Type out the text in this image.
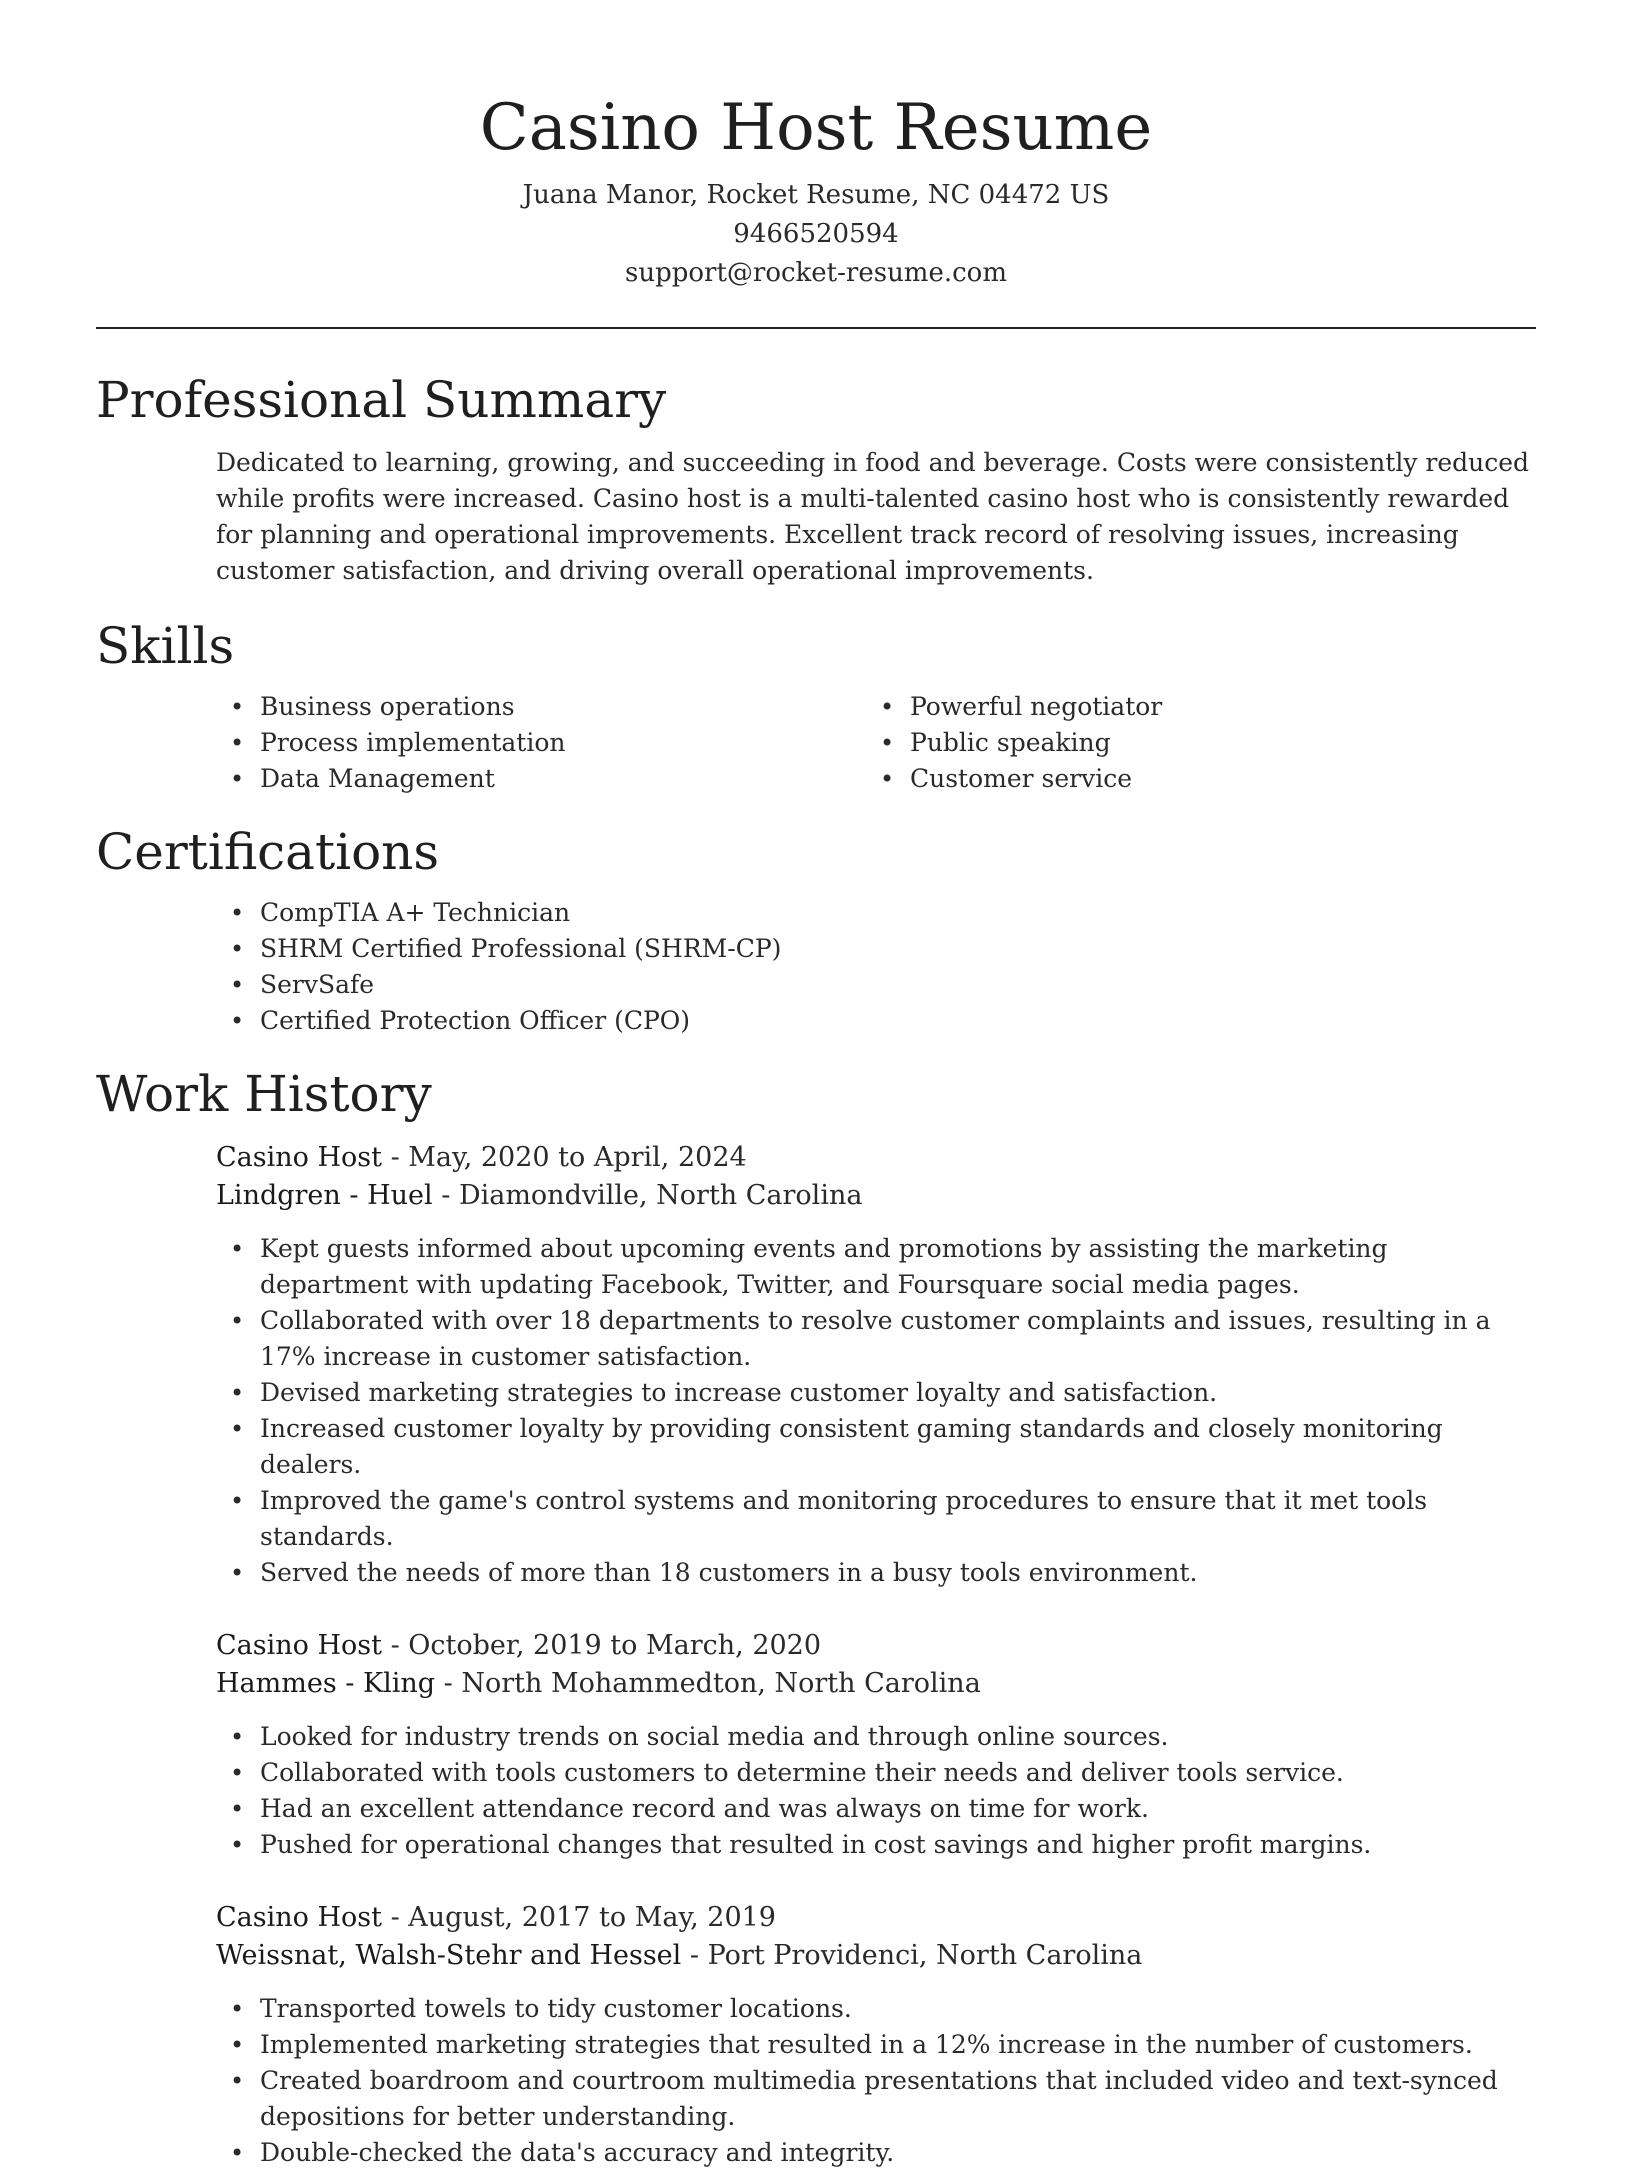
Casino Host Resume
Juana Manor, Rocket Resume, NC 04472 US
9466520594
support@rocket-resume.com
Professional Summary

Dedicated to learning, growing, and succeeding in food and beverage. Costs were consistently reduced while profits were increased. Casino host is a multi-talented casino host who is consistently rewarded for planning and operational improvements. Excellent track record of resolving issues, increasing customer satisfaction, and driving overall operational improvements.

Skills
• Business operations
• Process implementation
• Data Management
• Powerful negotiator
• Public speaking
• Customer service
Certifications
• CompTIA A+ Technician
• SHRM Certified Professional (SHRM-CP)
• ServSafe
• Certified Protection Officer (CPO)
Work History
Casino Host - May, 2020 to April, 2024
Lindgren - Huel - Diamondville, North Carolina
• Kept guests informed about upcoming events and promotions by assisting the marketing department with updating Facebook, Twitter, and Foursquare social media pages.
• Collaborated with over 18 departments to resolve customer complaints and issues, resulting in a 17% increase in customer satisfaction.
• Devised marketing strategies to increase customer loyalty and satisfaction.
• Increased customer loyalty by providing consistent gaming standards and closely monitoring dealers.
• Improved the game's control systems and monitoring procedures to ensure that it met tools standards.
• Served the needs of more than 18 customers in a busy tools environment.
Casino Host - October, 2019 to March, 2020
Hammes - Kling - North Mohammedton, North Carolina
• Looked for industry trends on social media and through online sources.
• Collaborated with tools customers to determine their needs and deliver tools service.
• Had an excellent attendance record and was always on time for work.
• Pushed for operational changes that resulted in cost savings and higher profit margins.
Casino Host - August, 2017 to May, 2019
Weissnat, Walsh-Stehr and Hessel - Port Providenci, North Carolina
• Transported towels to tidy customer locations.
• Implemented marketing strategies that resulted in a 12% increase in the number of customers.
• Created boardroom and courtroom multimedia presentations that included video and text-synced depositions for better understanding.
• Double-checked the data's accuracy and integrity.
